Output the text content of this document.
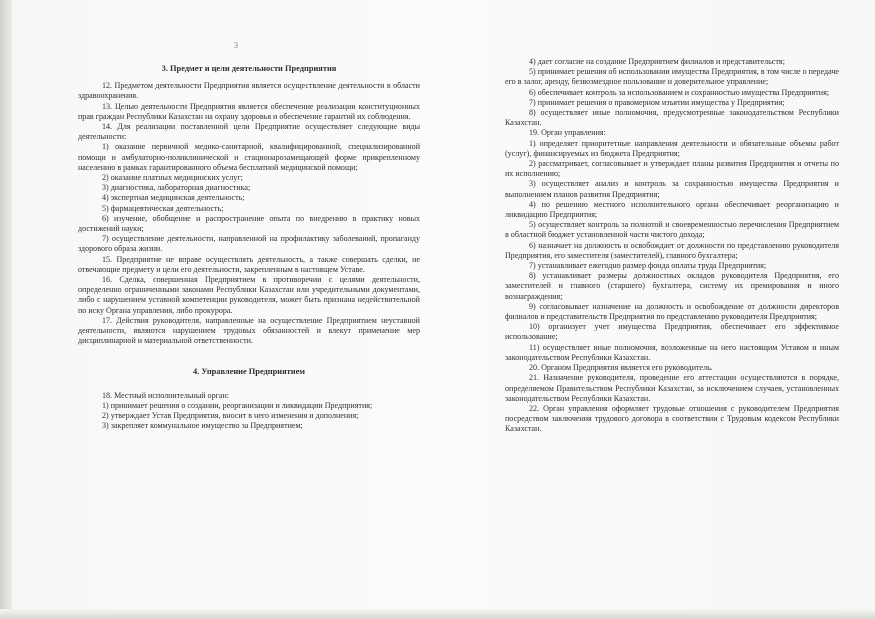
3

3. Предмет и цели деятельности Предприятия

12. Предметом деятельности Предприятия является осуществление деятельности в области здравоохранения.

13. Целью деятельности Предприятия является обеспечение реализации конституционных прав граждан Республики Казахстан на охрану здоровья и обеспечение гарантий их соблюдения.

14. Для реализации поставленной цели Предприятие осуществляет следующие виды деятельности:

1) оказание первичной медико-санитарной, квалифицированной, специализированной помощи и амбулаторно-поликлинической и стационарозамещающей форме прикрепленному населению в рамках гарантированного объема бесплатной медицинской помощи;

2) оказание платных медицинских услуг;

3) диагностика, лабораторная диагностика;

4) экспертная медицинская деятельность;

5) фармацевтическая деятельность;

6) изучение, обобщение и распространение опыта по внедрению в практику новых достижений науки;

7) осуществление деятельности, направленной на профилактику заболеваний, пропаганду здорового образа жизни.

15. Предприятие не вправе осуществлять деятельность, а также совершать сделки, не отвечающие предмету и цели его деятельности, закрепленным в настоящем Уставе.

16. Сделка, совершенная Предприятием в противоречии с целями деятельности, определенно ограниченными законами Республики Казахстан или учредительными документами, либо с нарушением уставной компетенции руководителя, может быть признана недействительной по иску Органа управления, либо прокурора.

17. Действия руководителя, направленные на осуществление Предприятием неуставной деятельности, являются нарушением трудовых обязанностей и влекут применение мер дисциплинарной и материальной ответственности.

4. Управление Предприятием

18. Местный исполнительный орган:

1) принимает решения о создании, реорганизации и ликвидации Предприятия;

2) утверждает Устав Предприятия, вносит в него изменения и дополнения;

3) закрепляет коммунальное имущество за Предприятием;

4) дает согласие на создание Предприятием филиалов и представительств;

5) принимает решения об использовании имущества Предприятия, в том числе о передаче его в залог, аренду, безвозмездное пользование и доверительное управление;

6) обеспечивает контроль за использованием и сохранностью имущества Предприятия;

7) принимает решения о правомерном изъятии имущества у Предприятия;

8) осуществляет иные полномочия, предусмотренные законодательством Республики Казахстан.

19. Орган управления:

1) определяет приоритетные направления деятельности и обязательные объемы работ (услуг), финансируемых из бюджета Предприятия;

2) рассматривает, согласовывает и утверждает планы развития Предприятия и отчеты по их исполнению;

3) осуществляет анализ и контроль за сохранностью имущества Предприятия и выполнением планов развития Предприятия;

4) по решению местного исполнительного органа обеспечивает реорганизацию и ликвидацию Предприятия;

5) осуществляет контроль за полнотой и своевременностью перечисления Предприятием в областной бюджет установленной части чистого дохода;

6) назначает на должность и освобождает от должности по представлению руководителя Предприятия, его заместителя (заместителей), главного бухгалтера;

7) устанавливает ежегодно размер фонда оплаты труда Предприятия;

8) устанавливает размеры должностных окладов руководителя Предприятия, его заместителей и главного (старшего) бухгалтера, систему их премирования и иного вознаграждения;

9) согласовывает назначение на должность и освобождение от должности директоров филиалов и представительств Предприятия по представлению руководителя Предприятия;

10) организует учет имущества Предприятия, обеспечивает его эффективное использование;

11) осуществляет иные полномочия, возложенные на него настоящим Уставом и иным законодательством Республики Казахстан.

20. Органом Предприятия является его руководитель.

21. Назначение руководителя, проведение его аттестации осуществляются в порядке, определяемом Правительством Республики Казахстан, за исключением случаев, установленных законодательством Республики Казахстан.

22. Орган управления оформляет трудовые отношения с руководителем Предприятия посредством заключения трудового договора в соответствии с Трудовым кодексом Республики Казахстан.
